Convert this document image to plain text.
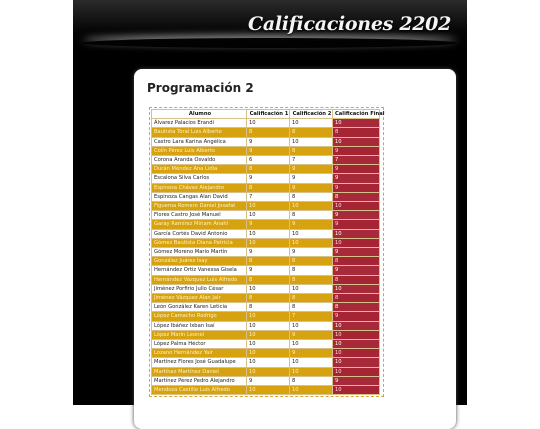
Calificaciones 2202
Programación 2
Alumno	Calificación 1	Calificación 2	Calificación Final
Álvarez Palacios Erandi	10	10	10
Bautista Toral Luis Alberto	8	8	8
Castro Lara Karina Angélica	9	10	10
Colín Pérez Luis Alberto	9	8	9
Corona Aranda Osvaldo	6	7	7
Durán Méndez Ana Lidia	8	9	9
Escalona Silva Carlos	9	9	9
Espinosa Chávez Alejandro	8	9	9
Espinoza Cangas Alan David	7	8	8
Figueroa Romero Daniel Josafat	10	10	10
Flores Castro José Manuel	10	8	9
Garay Ramírez Miriam Anahí	9	9	9
García Cortés David Antonio	10	10	10
Gómez Bautista Diana Patricia	10	10	10
Gómez Moreno Mario Martín	9	9	9
González Juárez Isay	8	8	8
Hernández Ortiz Vanessa Gisela	9	8	9
Hernández Vázquez Luis Alfredo	8	8	8
Jiménez Porfirio Julio César	10	10	10
Jiménez Vázquez Alan Jair	8	8	8
León González Karen Leticia	8	8	8
López Camacho Rodrigo	10	7	9
López Ibáñez Ixban Isaí	10	10	10
López Marín Leonel	10	9	10
López Palma Héctor	10	10	10
Lozano Hernández Yair	10	9	10
Martínez Flores José Guadalupe	10	10	10
Martínez Martínez Daniel	10	10	10
Martínez Pérez Pedro Alejandro	9	8	9
Mendoza Castillo Luis Alfredo	10	10	10
